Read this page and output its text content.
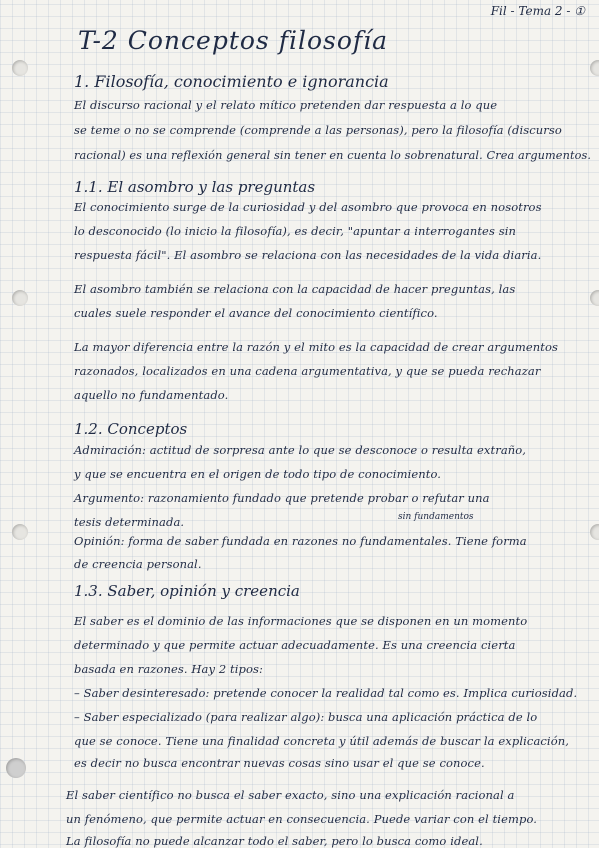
Fil - Tema 2 - ①
T-2 Conceptos filosofía
1. Filosofía, conocimiento e ignorancia
El discurso racional y el relato mítico pretenden dar respuesta a lo que
se teme o no se comprende (comprende a las personas), pero la filosofía (discurso
racional) es una reflexión general sin tener en cuenta lo sobrenatural. Crea argumentos.
1.1. El asombro y las preguntas
El conocimiento surge de la curiosidad y del asombro que provoca en nosotros
lo desconocido (lo inicio la filosofía), es decir, "apuntar a interrogantes sin
respuesta fácil". El asombro se relaciona con las necesidades de la vida diaria.
El asombro también se relaciona con la capacidad de hacer preguntas, las
cuales suele responder el avance del conocimiento científico.
La mayor diferencia entre la razón y el mito es la capacidad de crear argumentos
razonados, localizados en una cadena argumentativa, y que se pueda rechazar
aquello no fundamentado.
1.2. Conceptos
Admiración: actitud de sorpresa ante lo que se desconoce o resulta extraño,
y que se encuentra en el origen de todo tipo de conocimiento.
Argumento: razonamiento fundado que pretende probar o refutar una
tesis determinada.	sin fundamentos
Opinión: forma de saber fundada en razones no fundamentales. Tiene forma
de creencia personal.
1.3. Saber, opinión y creencia
El saber es el dominio de las informaciones que se disponen en un momento
determinado y que permite actuar adecuadamente. Es una creencia cierta
basada en razones. Hay 2 tipos:
– Saber desinteresado: pretende conocer la realidad tal como es. Implica curiosidad.
– Saber especializado (para realizar algo): busca una aplicación práctica de lo
que se conoce. Tiene una finalidad concreta y útil además de buscar la explicación,
es decir no busca encontrar nuevas cosas sino usar el que se conoce.
El saber científico no busca el saber exacto, sino una explicación racional a
un fenómeno, que permite actuar en consecuencia. Puede variar con el tiempo.
La filosofía no puede alcanzar todo el saber, pero lo busca como ideal.
